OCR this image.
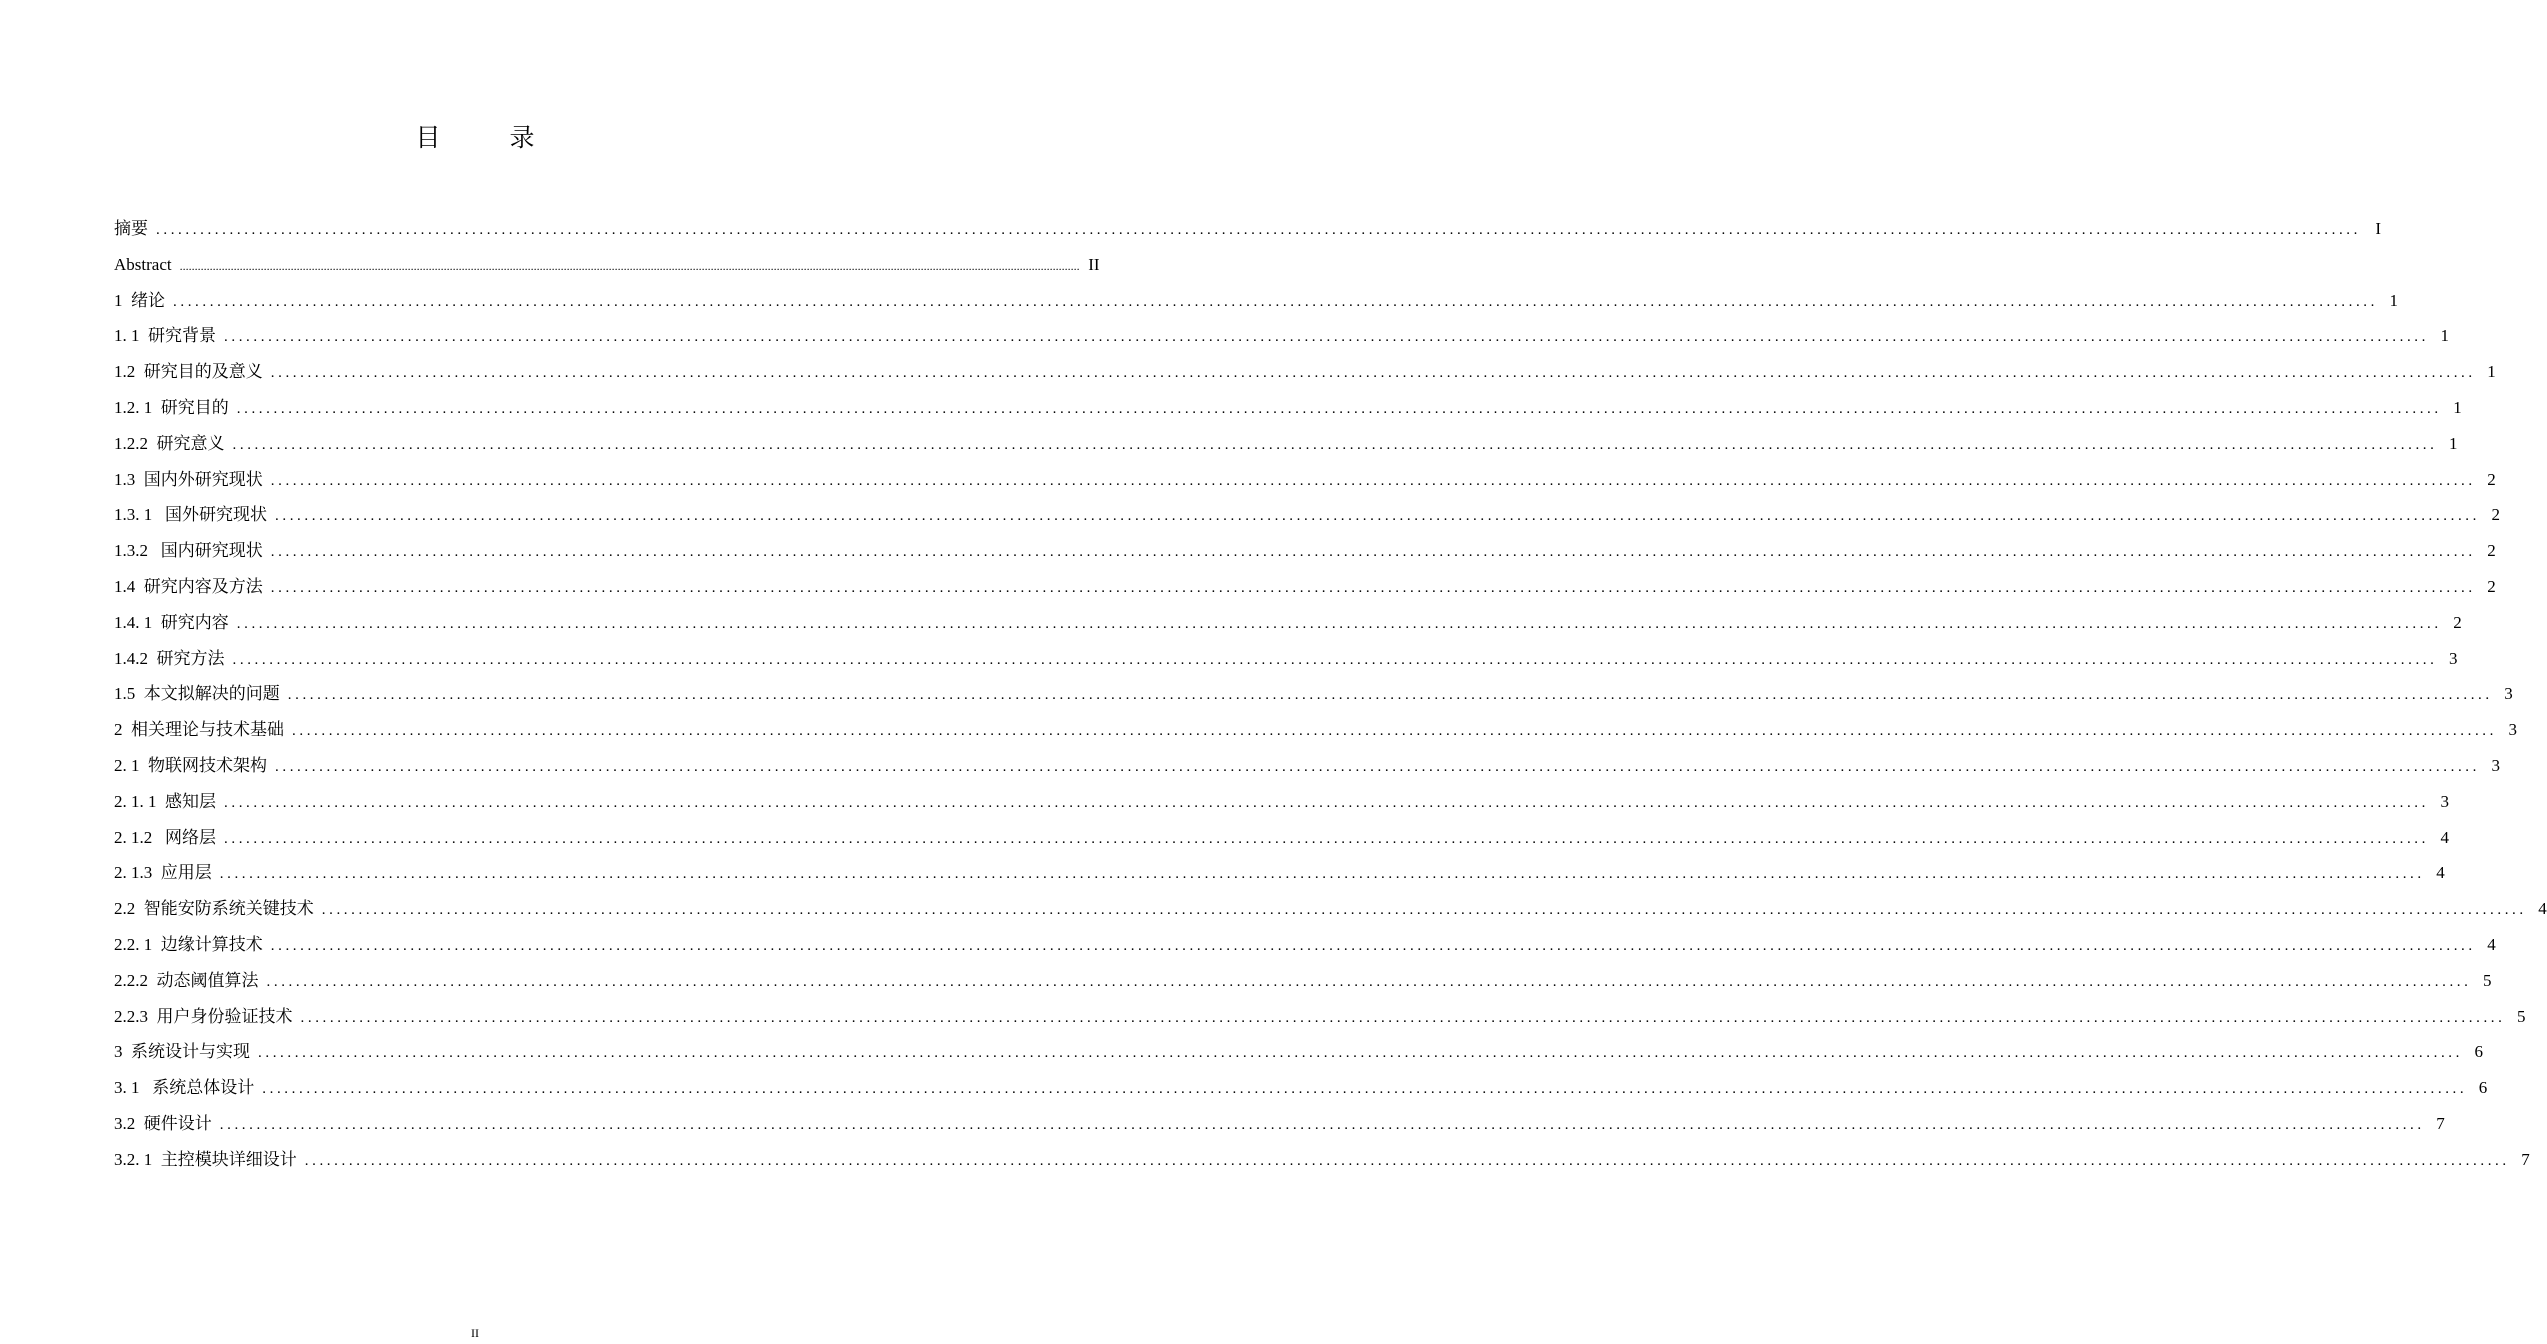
目　录
摘要 ............................................................................................................................................................................................................................................................................................................ I
Abstract ............................................................................................................................................................................................................................................................................................................ II
1  绪论 ............................................................................................................................................................................................................................................................................................................ 1
1. 1  研究背景 ............................................................................................................................................................................................................................................................................................................ 1
1.2  研究目的及意义 ............................................................................................................................................................................................................................................................................................................ 1
1.2. 1  研究目的 ............................................................................................................................................................................................................................................................................................................ 1
1.2.2  研究意义 ............................................................................................................................................................................................................................................................................................................ 1
1.3  国内外研究现状 ............................................................................................................................................................................................................................................................................................................ 2
1.3. 1   国外研究现状 ............................................................................................................................................................................................................................................................................................................ 2
1.3.2   国内研究现状 ............................................................................................................................................................................................................................................................................................................ 2
1.4  研究内容及方法 ............................................................................................................................................................................................................................................................................................................ 2
1.4. 1  研究内容 ............................................................................................................................................................................................................................................................................................................ 2
1.4.2  研究方法 ............................................................................................................................................................................................................................................................................................................ 3
1.5  本文拟解决的问题 ............................................................................................................................................................................................................................................................................................................ 3
2  相关理论与技术基础 ............................................................................................................................................................................................................................................................................................................ 3
2. 1  物联网技术架构 ............................................................................................................................................................................................................................................................................................................ 3
2. 1. 1  感知层 ............................................................................................................................................................................................................................................................................................................ 3
2. 1.2   网络层 ............................................................................................................................................................................................................................................................................................................ 4
2. 1.3  应用层 ............................................................................................................................................................................................................................................................................................................ 4
2.2  智能安防系统关键技术 ............................................................................................................................................................................................................................................................................................................ 4
2.2. 1  边缘计算技术 ............................................................................................................................................................................................................................................................................................................ 4
2.2.2  动态阈值算法 ............................................................................................................................................................................................................................................................................................................ 5
2.2.3  用户身份验证技术 ............................................................................................................................................................................................................................................................................................................ 5
3  系统设计与实现 ............................................................................................................................................................................................................................................................................................................ 6
3. 1   系统总体设计 ............................................................................................................................................................................................................................................................................................................ 6
3.2  硬件设计 ............................................................................................................................................................................................................................................................................................................ 7
3.2. 1  主控模块详细设计 ............................................................................................................................................................................................................................................................................................................ 7
II
